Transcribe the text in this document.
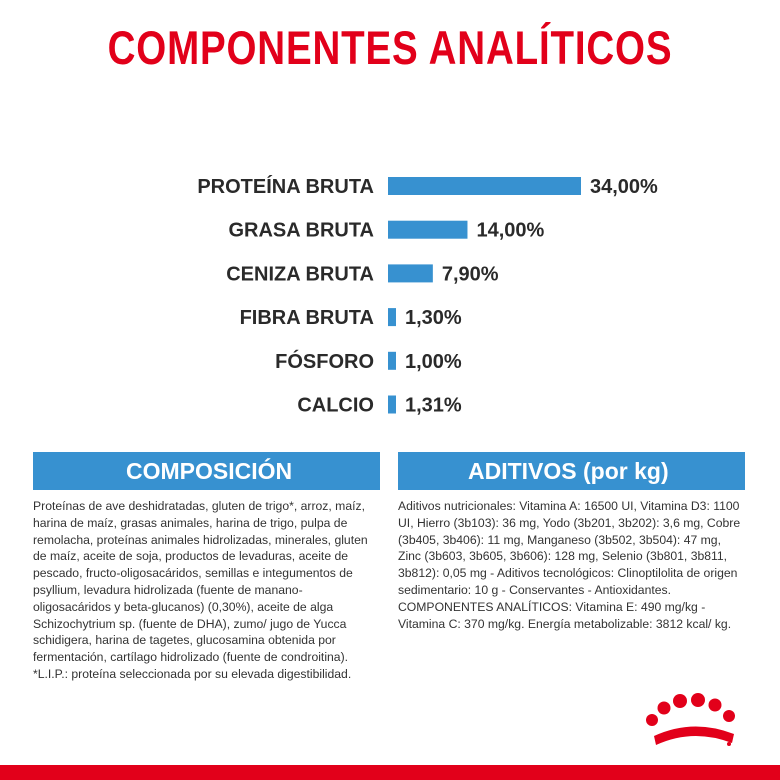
COMPONENTES ANALÍTICOS
PROTEÍNA BRUTA	34,00%
GRASA BRUTA	14,00%
CENIZA BRUTA	7,90%
FIBRA BRUTA 1,30%
FÓSFORO 1,00%
CALCIO 1,31%
COMPOSICIÓN

Proteínas de ave deshidratadas, gluten de trigo*, arroz, maíz, harina de maíz, grasas animales, harina de trigo, pulpa de remolacha, proteínas animales hidrolizadas, minerales, gluten de maíz, aceite de soja, productos de levaduras, aceite de pescado, fructo-oligosacáridos, semillas e integumentos de psyllium, levadura hidrolizada (fuente de manano-oligosacáridos y beta-glucanos) (0,30%), aceite de alga Schizochytrium sp. (fuente de DHA), zumo/ jugo de Yucca schidigera, harina de tagetes, glucosamina obtenida por fermentación, cartílago hidrolizado (fuente de condroitina).

*L.I.P.: proteína seleccionada por su elevada digestibilidad.

ADITIVOS (por kg)

Aditivos nutricionales: Vitamina A: 16500 UI, Vitamina D3: 1100 UI, Hierro (3b103): 36 mg, Yodo (3b201, 3b202): 3,6 mg, Cobre (3b405, 3b406): 11 mg, Manganeso (3b502, 3b504): 47 mg, Zinc (3b603, 3b605, 3b606): 128 mg, Selenio (3b801, 3b811, 3b812): 0,05 mg - Aditivos tecnológicos: Clinoptilolita de origen sedimentario: 10 g - Conservantes - Antioxidantes.

COMPONENTES ANALÍTICOS: Vitamina E: 490 mg/kg - Vitamina C: 370 mg/kg. Energía metabolizable: 3812 kcal/ kg.
